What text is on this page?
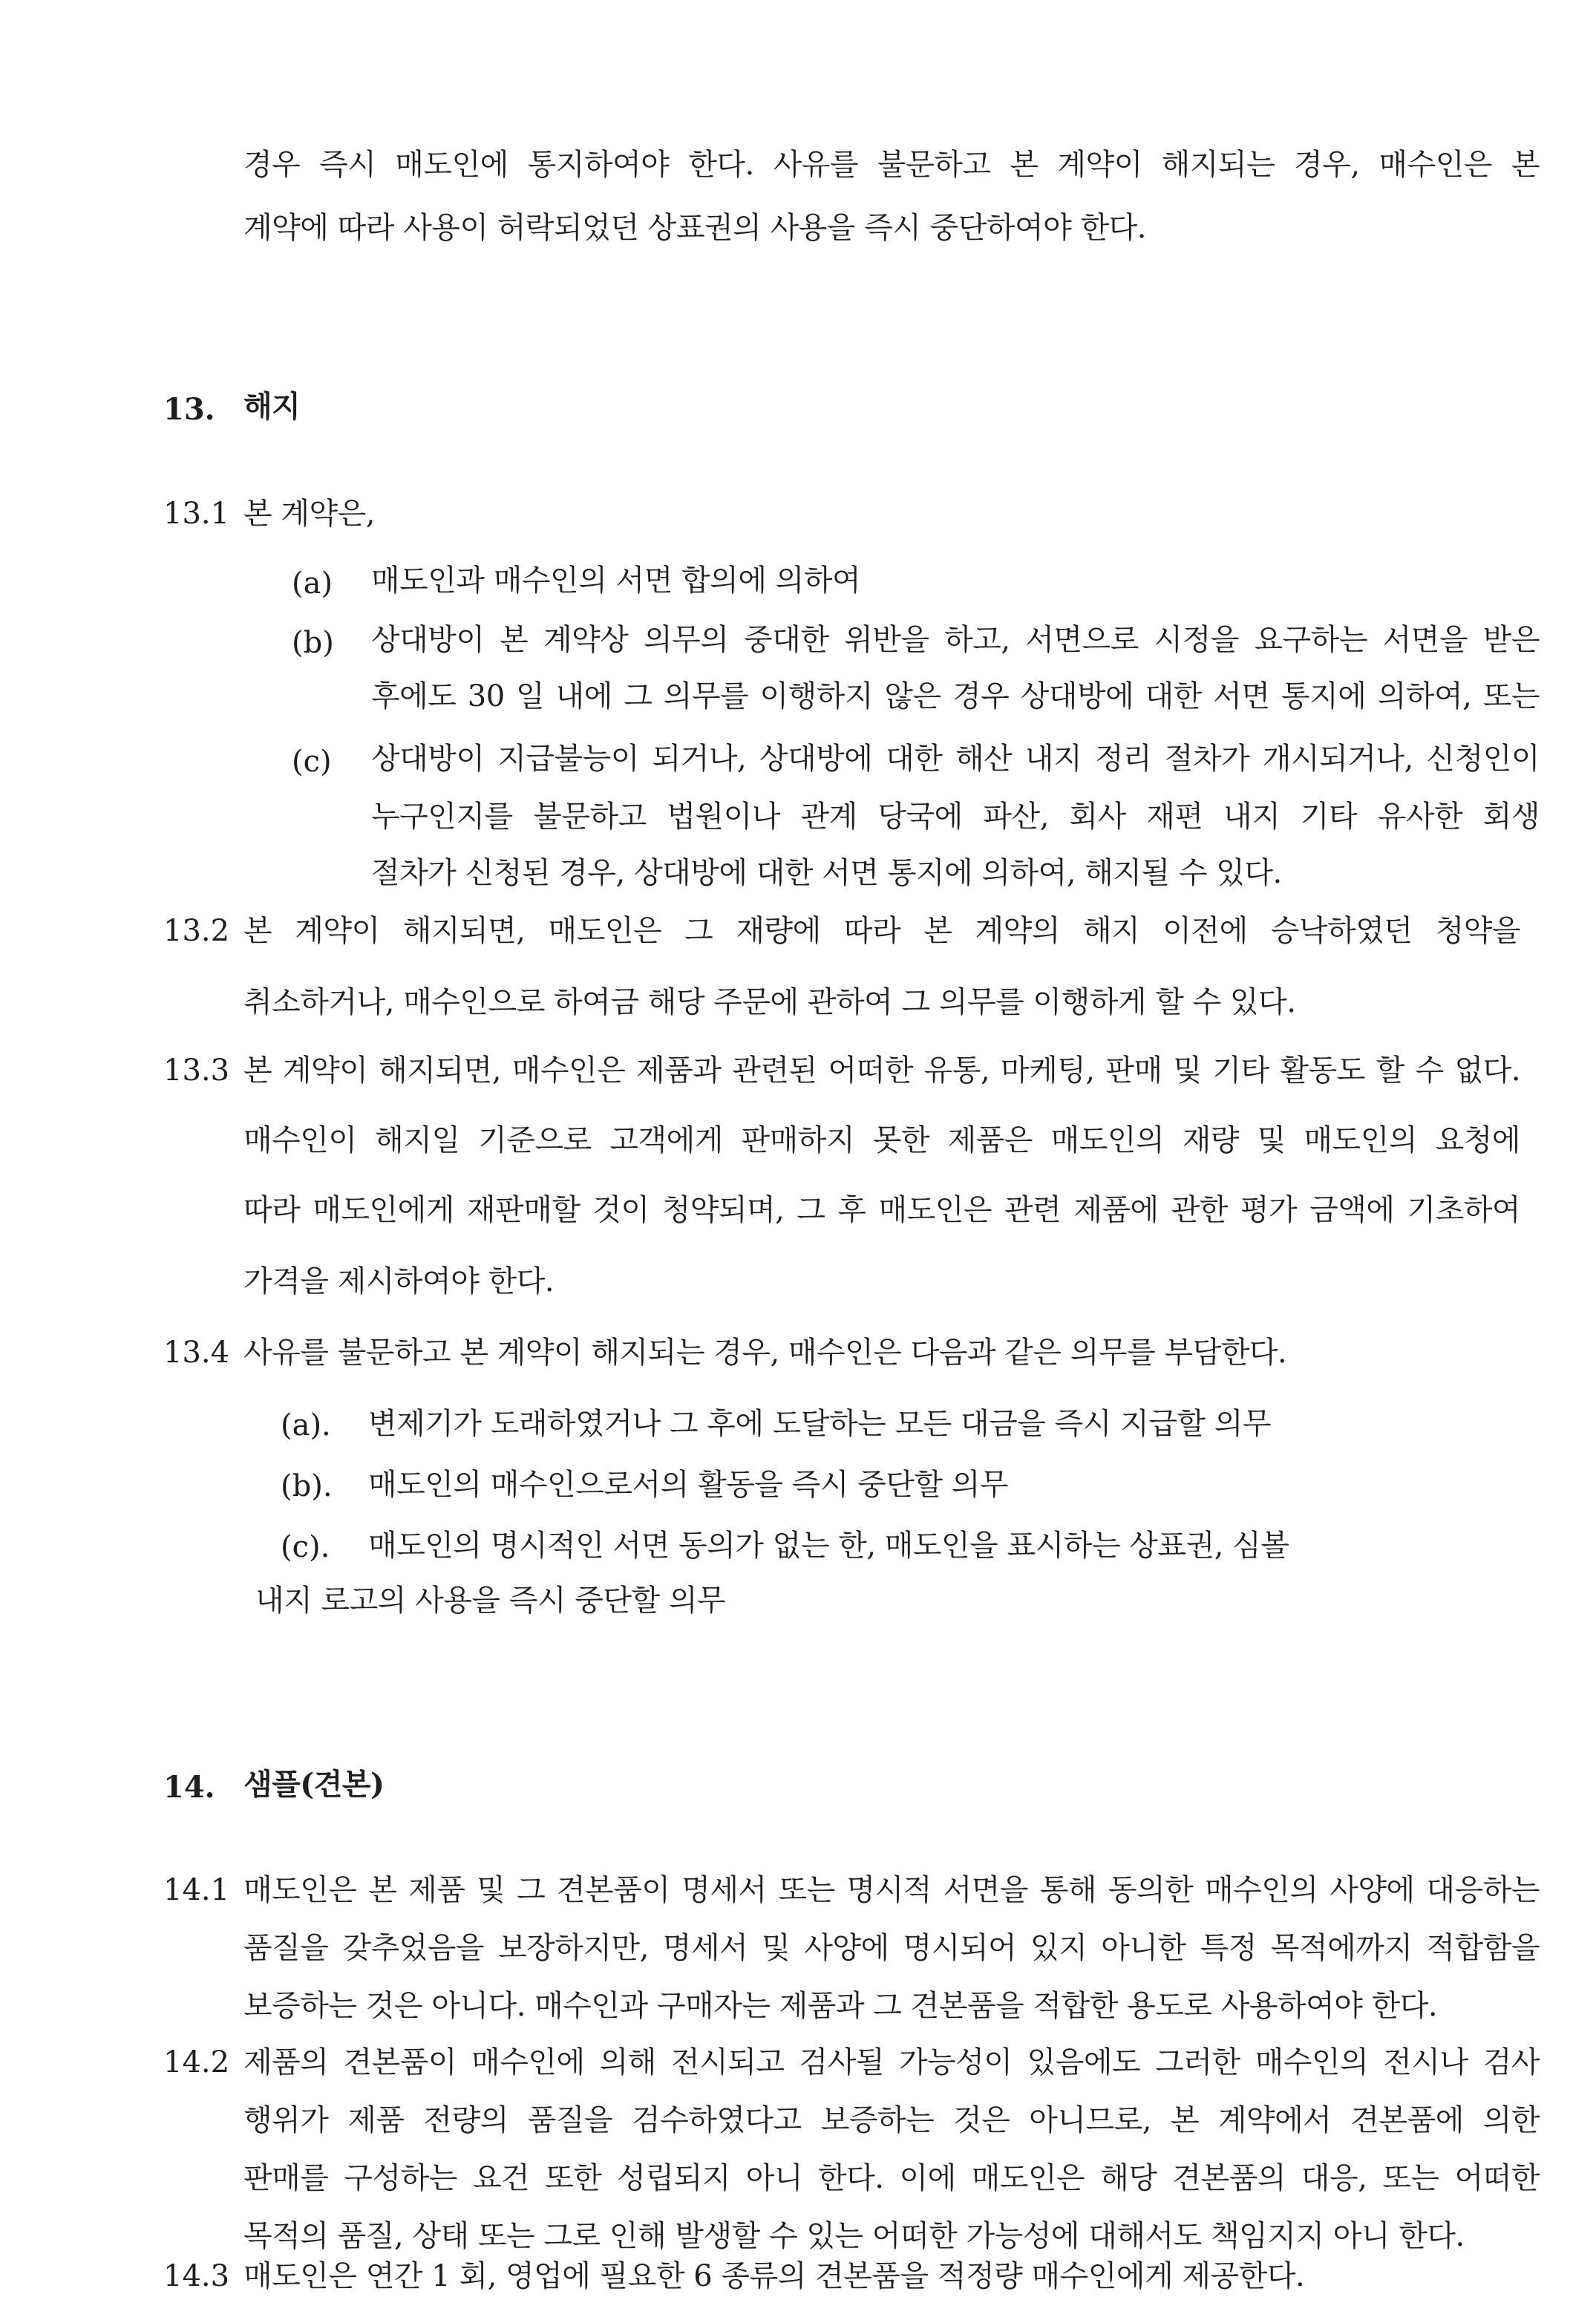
경우 즉시 매도인에 통지하여야 한다. 사유를 불문하고 본 계약이 해지되는 경우, 매수인은 본
계약에 따라 사용이 허락되었던 상표권의 사용을 즉시 중단하여야 한다.
13. 해지
13.1 본 계약은,
(a) 매도인과 매수인의 서면 합의에 의하여
(b) 상대방이 본 계약상 의무의 중대한 위반을 하고, 서면으로 시정을 요구하는 서면을 받은
후에도 30 일 내에 그 의무를 이행하지 않은 경우 상대방에 대한 서면 통지에 의하여, 또는
(c) 상대방이 지급불능이 되거나, 상대방에 대한 해산 내지 정리 절차가 개시되거나, 신청인이
누구인지를 불문하고 법원이나 관계 당국에 파산, 회사 재편 내지 기타 유사한 회생
절차가 신청된 경우, 상대방에 대한 서면 통지에 의하여, 해지될 수 있다.
13.2 본 계약이 해지되면, 매도인은 그 재량에 따라 본 계약의 해지 이전에 승낙하였던 청약을
취소하거나, 매수인으로 하여금 해당 주문에 관하여 그 의무를 이행하게 할 수 있다.
13.3 본 계약이 해지되면, 매수인은 제품과 관련된 어떠한 유통, 마케팅, 판매 및 기타 활동도 할 수 없다.
매수인이 해지일 기준으로 고객에게 판매하지 못한 제품은 매도인의 재량 및 매도인의 요청에
따라 매도인에게 재판매할 것이 청약되며, 그 후 매도인은 관련 제품에 관한 평가 금액에 기초하여
가격을 제시하여야 한다.
13.4 사유를 불문하고 본 계약이 해지되는 경우, 매수인은 다음과 같은 의무를 부담한다.
(a). 변제기가 도래하였거나 그 후에 도달하는 모든 대금을 즉시 지급할 의무
(b). 매도인의 매수인으로서의 활동을 즉시 중단할 의무
(c). 매도인의 명시적인 서면 동의가 없는 한, 매도인을 표시하는 상표권, 심볼
내지 로고의 사용을 즉시 중단할 의무
14. 샘플(견본)
14.1 매도인은 본 제품 및 그 견본품이 명세서 또는 명시적 서면을 통해 동의한 매수인의 사양에 대응하는
품질을 갖추었음을 보장하지만, 명세서 및 사양에 명시되어 있지 아니한 특정 목적에까지 적합함을
보증하는 것은 아니다. 매수인과 구매자는 제품과 그 견본품을 적합한 용도로 사용하여야 한다.
14.2 제품의 견본품이 매수인에 의해 전시되고 검사될 가능성이 있음에도 그러한 매수인의 전시나 검사
행위가 제품 전량의 품질을 검수하였다고 보증하는 것은 아니므로, 본 계약에서 견본품에 의한
판매를 구성하는 요건 또한 성립되지 아니 한다. 이에 매도인은 해당 견본품의 대응, 또는 어떠한
목적의 품질, 상태 또는 그로 인해 발생할 수 있는 어떠한 가능성에 대해서도 책임지지 아니 한다.
14.3 매도인은 연간 1 회, 영업에 필요한 6 종류의 견본품을 적정량 매수인에게 제공한다.
